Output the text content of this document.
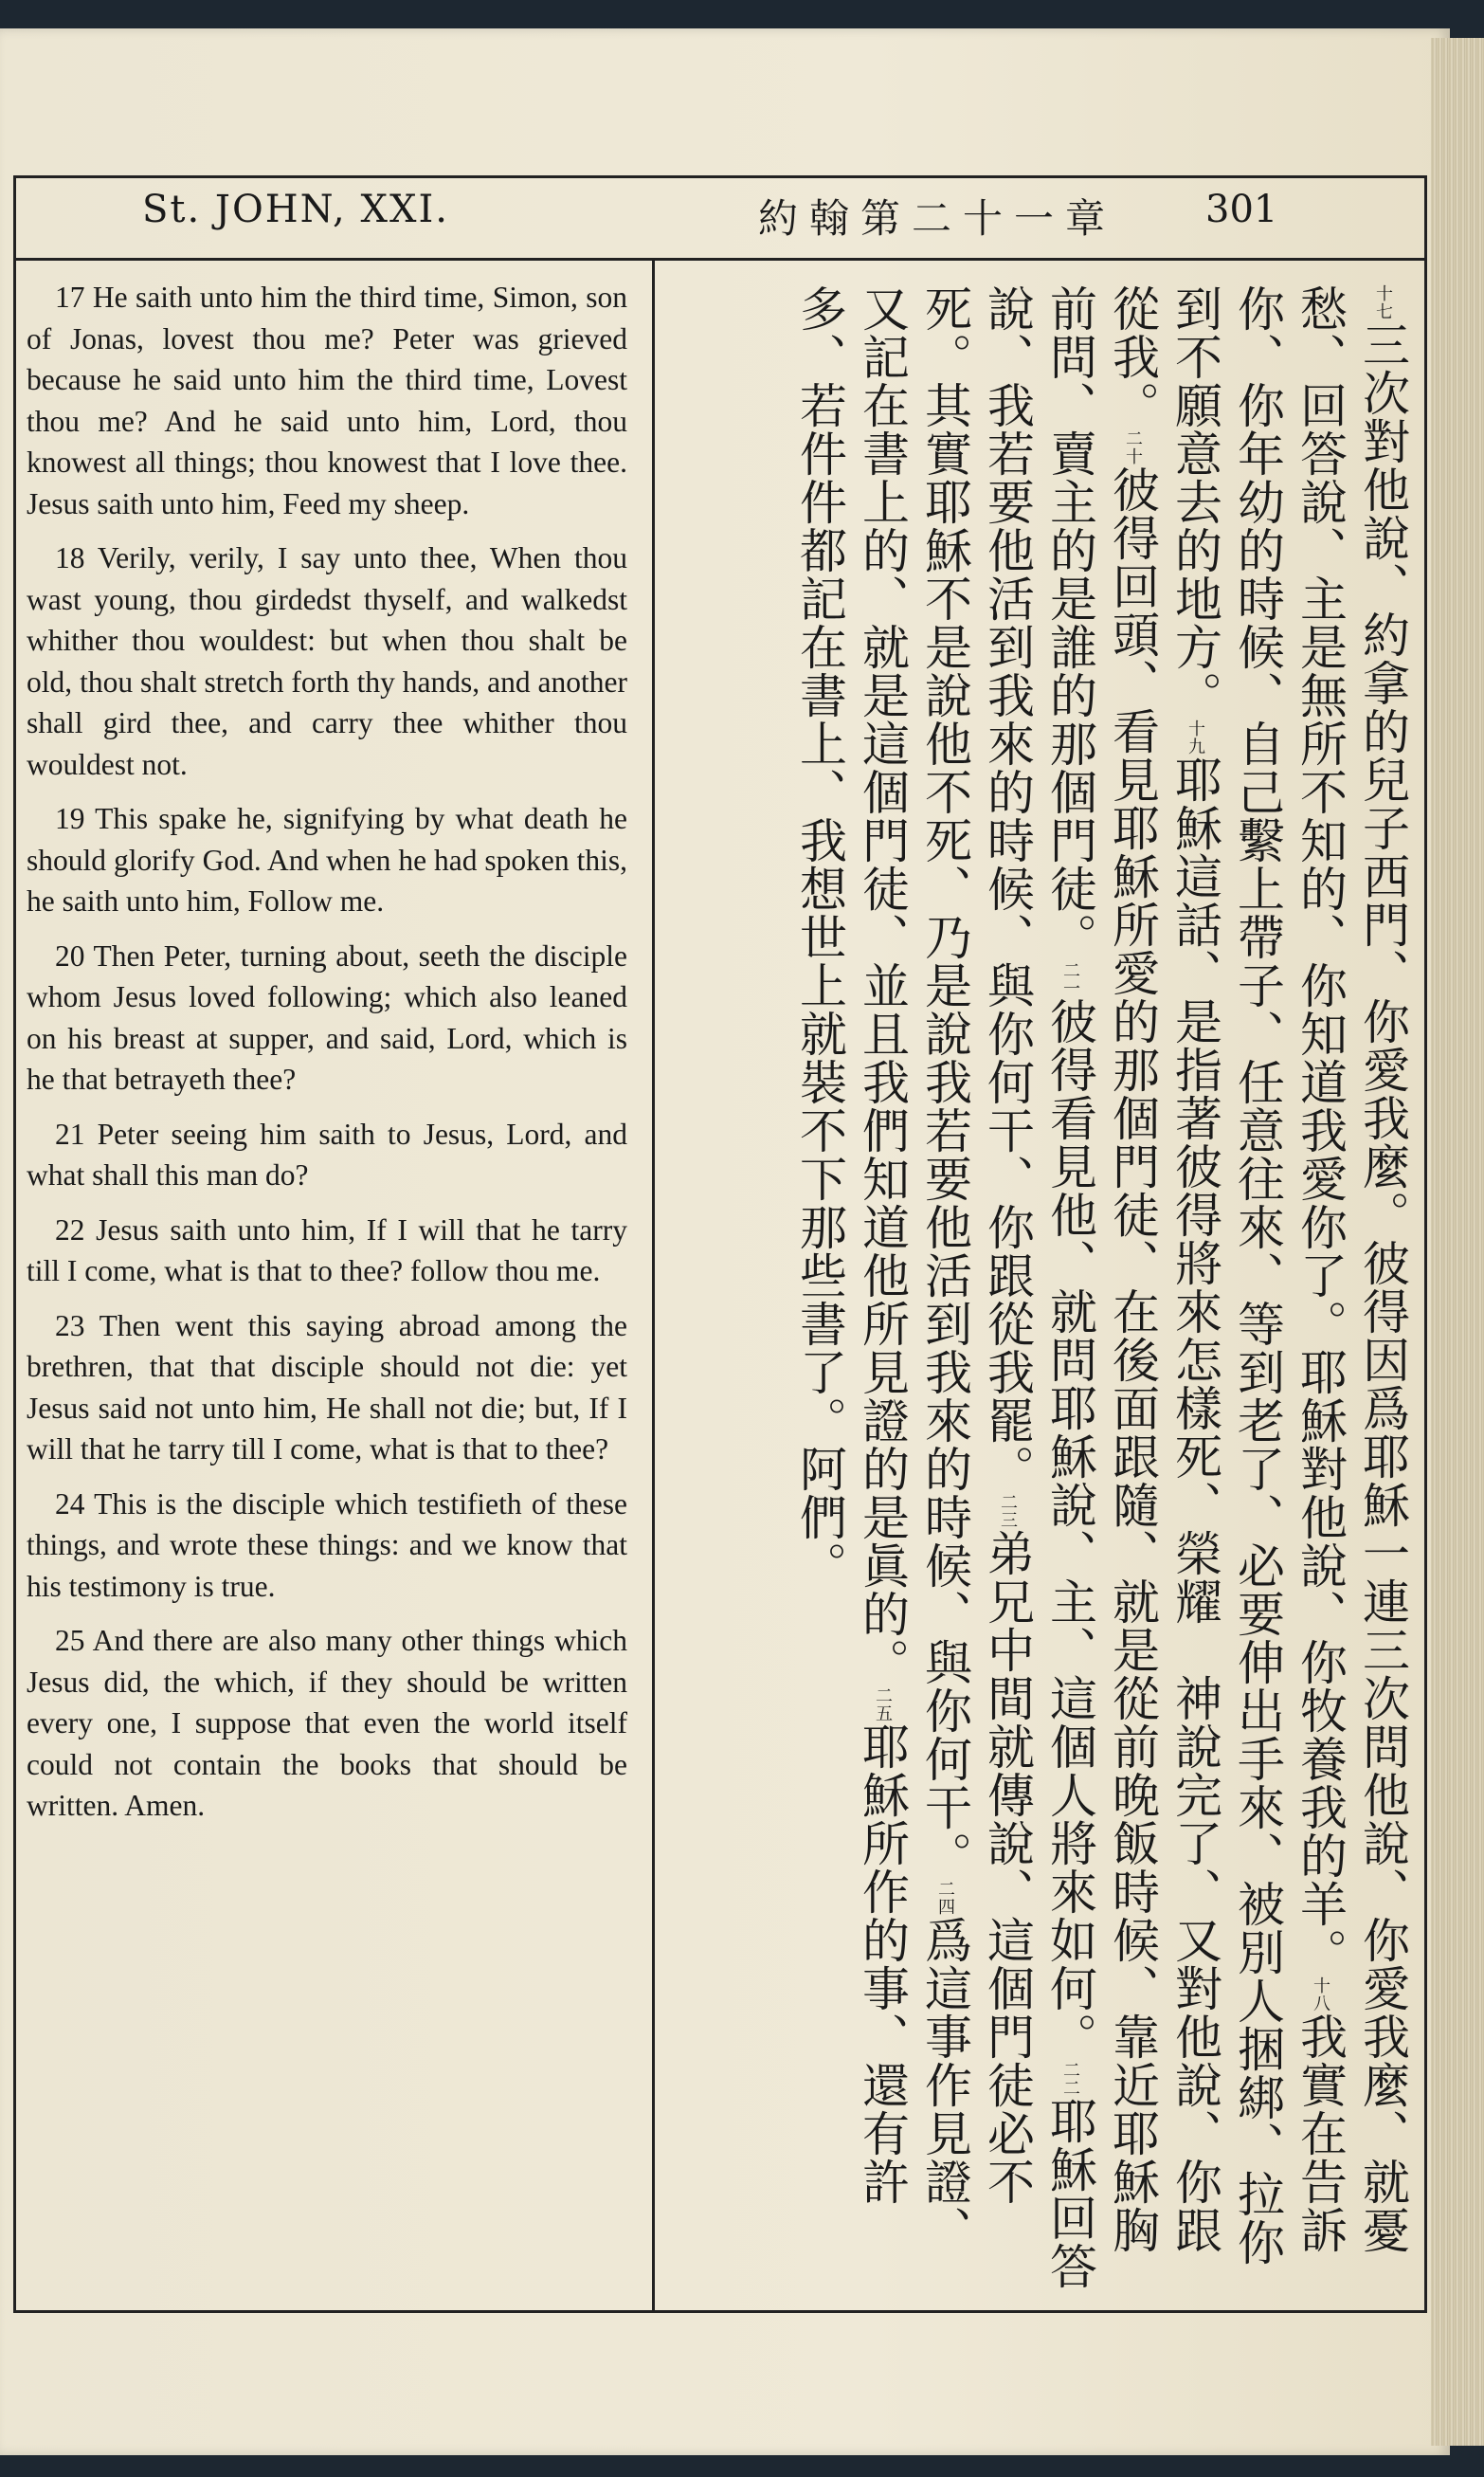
St. JOHN, XXI.	約翰第二十一章 301

17 He saith unto him the third time, Simon, son of Jonas, lovest thou me? Peter was grieved because he said unto him the third time, Lovest thou me? And he said unto him, Lord, thou knowest all things; thou knowest that I love thee. Jesus saith unto him, Feed my sheep.

18 Verily, verily, I say unto thee, When thou wast young, thou girdedst thyself, and walkedst whither thou wouldest: but when thou shalt be old, thou shalt stretch forth thy hands, and another shall gird thee, and carry thee whither thou wouldest not.

19 This spake he, signifying by what death he should glorify God. And when he had spoken this, he saith unto him, Follow me.

20 Then Peter, turning about, seeth the disciple whom Jesus loved following; which also leaned on his breast at supper, and said, Lord, which is he that betrayeth thee?

21 Peter seeing him saith to Jesus, Lord, and what shall this man do?

22 Jesus saith unto him, If I will that he tarry till I come, what is that to thee? follow thou me.

23 Then went this saying abroad among the brethren, that that disciple should not die: yet Jesus said not unto him, He shall not die; but, If I will that he tarry till I come, what is that to thee?

24 This is the disciple which testifieth of these things, and wrote these things: and we know that his testimony is true.

25 And there are also many other things which Jesus did, the which, if they should be written every one, I suppose that even the world itself could not contain the books that should be written. Amen.

十七三次對他說、約拿的兒子西門、你愛我麼。彼得因爲耶穌一連三次問他說、你愛我麼、就憂愁、回答說、主是無所不知的、你知道我愛你了。耶穌對他說、你牧養我的羊。十八我實在告訴你、你年幼的時候、自己繫上帶子、任意往來、等到老了、必要伸出手來、被別人捆綁、拉你到不願意去的地方。十九耶穌這話、是指著彼得將來怎樣死、榮耀　神說完了、又對他說、你跟從我。二十彼得回頭、看見耶穌所愛的那個門徒、在後面跟隨、就是從前晚飯時候、靠近耶穌胸前問、賣主的是誰的那個門徒。二一彼得看見他、就問耶穌說、主、這個人將來如何。二二耶穌回答說、我若要他活到我來的時候、與你何干、你跟從我罷。二三弟兄中間就傳說、這個門徒必不死。其實耶穌不是說他不死、乃是說我若要他活到我來的時候、與你何干。二四爲這事作見證、又記在書上的、就是這個門徒、並且我們知道他所見證的是眞的。二五耶穌所作的事、還有許多、若件件都記在書上、我想世上就裝不下那些書了。阿們。
